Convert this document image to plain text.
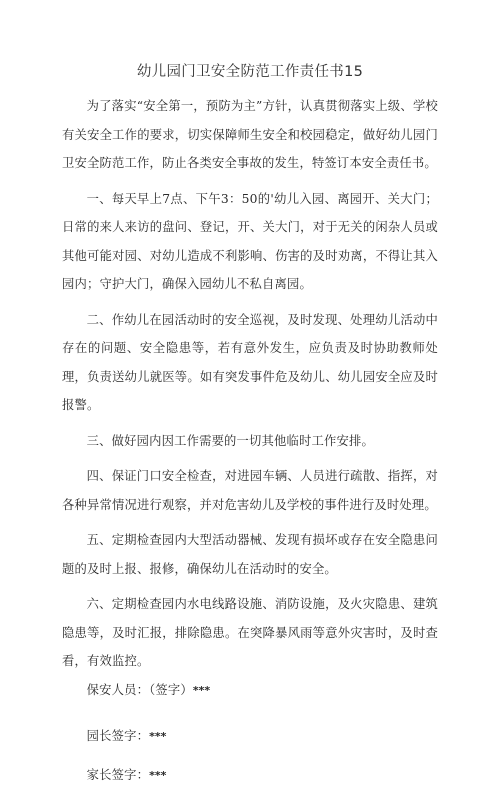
幼儿园门卫安全防范工作责任书15

为了落实“安全第一，预防为主”方针，认真贯彻落实上级、学校有关安全工作的要求，切实保障师生安全和校园稳定，做好幼儿园门卫安全防范工作，防止各类安全事故的发生，特签订本安全责任书。

一、每天早上7点、下午3：50的'幼儿入园、离园开、关大门；日常的来人来访的盘问、登记，开、关大门，对于无关的闲杂人员或其他可能对园、对幼儿造成不利影响、伤害的及时劝离，不得让其入园内；守护大门，确保入园幼儿不私自离园。

二、作幼儿在园活动时的安全巡视，及时发现、处理幼儿活动中存在的问题、安全隐患等，若有意外发生，应负责及时协助教师处理，负责送幼儿就医等。如有突发事件危及幼儿、幼儿园安全应及时报警。

三、做好园内因工作需要的一切其他临时工作安排。

四、保证门口安全检查，对进园车辆、人员进行疏散、指挥，对各种异常情况进行观察，并对危害幼儿及学校的事件进行及时处理。

五、定期检查园内大型活动器械、发现有损坏或存在安全隐患问题的及时上报、报修，确保幼儿在活动时的安全。

六、定期检查园内水电线路设施、消防设施，及火灾隐患、建筑隐患等，及时汇报，排除隐患。在突降暴风雨等意外灾害时，及时查看，有效监控。

保安人员：（签字）***

园长签字：***

家长签字：***
